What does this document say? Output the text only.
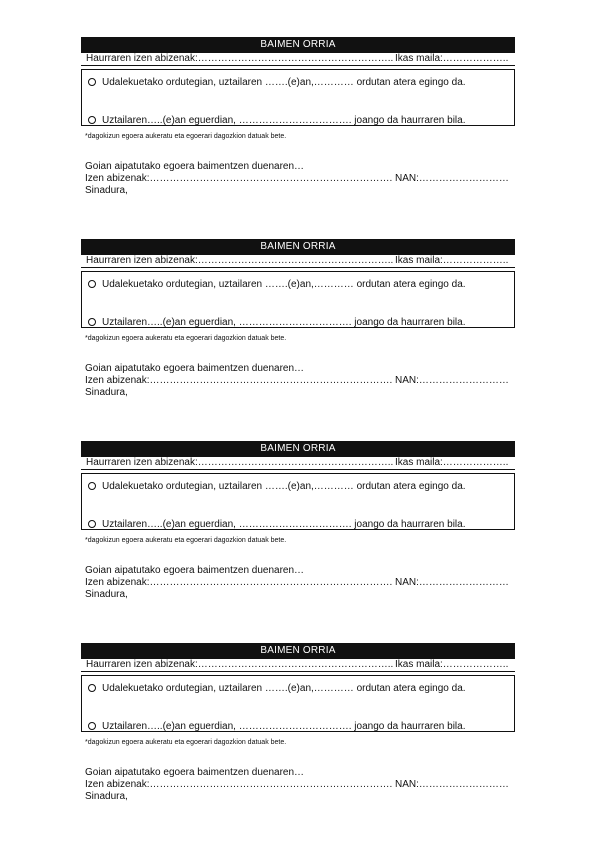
BAIMEN ORRIA
Haurraren izen abizenak:………………………………………………….. Ikas maila:………………..
Udalekuetako ordutegian, uztailaren …….(e)an,………… ordutan atera egingo da.
Uztailaren…..(e)an eguerdian, ……………………………. joango da haurraren bila.
*dagokizun egoera aukeratu eta egoerari dagozkion datuak bete.
Goian aipatutako egoera baimentzen duenaren…
Izen abizenak:………………………………………………………………. NAN:………………………
Sinadura,
BAIMEN ORRIA
Haurraren izen abizenak:………………………………………………….. Ikas maila:………………..
Udalekuetako ordutegian, uztailaren …….(e)an,………… ordutan atera egingo da.
Uztailaren…..(e)an eguerdian, ……………………………. joango da haurraren bila.
*dagokizun egoera aukeratu eta egoerari dagozkion datuak bete.
Goian aipatutako egoera baimentzen duenaren…
Izen abizenak:………………………………………………………………. NAN:………………………
Sinadura,
BAIMEN ORRIA
Haurraren izen abizenak:………………………………………………….. Ikas maila:………………..
Udalekuetako ordutegian, uztailaren …….(e)an,………… ordutan atera egingo da.
Uztailaren…..(e)an eguerdian, ……………………………. joango da haurraren bila.
*dagokizun egoera aukeratu eta egoerari dagozkion datuak bete.
Goian aipatutako egoera baimentzen duenaren…
Izen abizenak:………………………………………………………………. NAN:………………………
Sinadura,
BAIMEN ORRIA
Haurraren izen abizenak:………………………………………………….. Ikas maila:………………..
Udalekuetako ordutegian, uztailaren …….(e)an,………… ordutan atera egingo da.
Uztailaren…..(e)an eguerdian, ……………………………. joango da haurraren bila.
*dagokizun egoera aukeratu eta egoerari dagozkion datuak bete.
Goian aipatutako egoera baimentzen duenaren…
Izen abizenak:………………………………………………………………. NAN:………………………
Sinadura,
